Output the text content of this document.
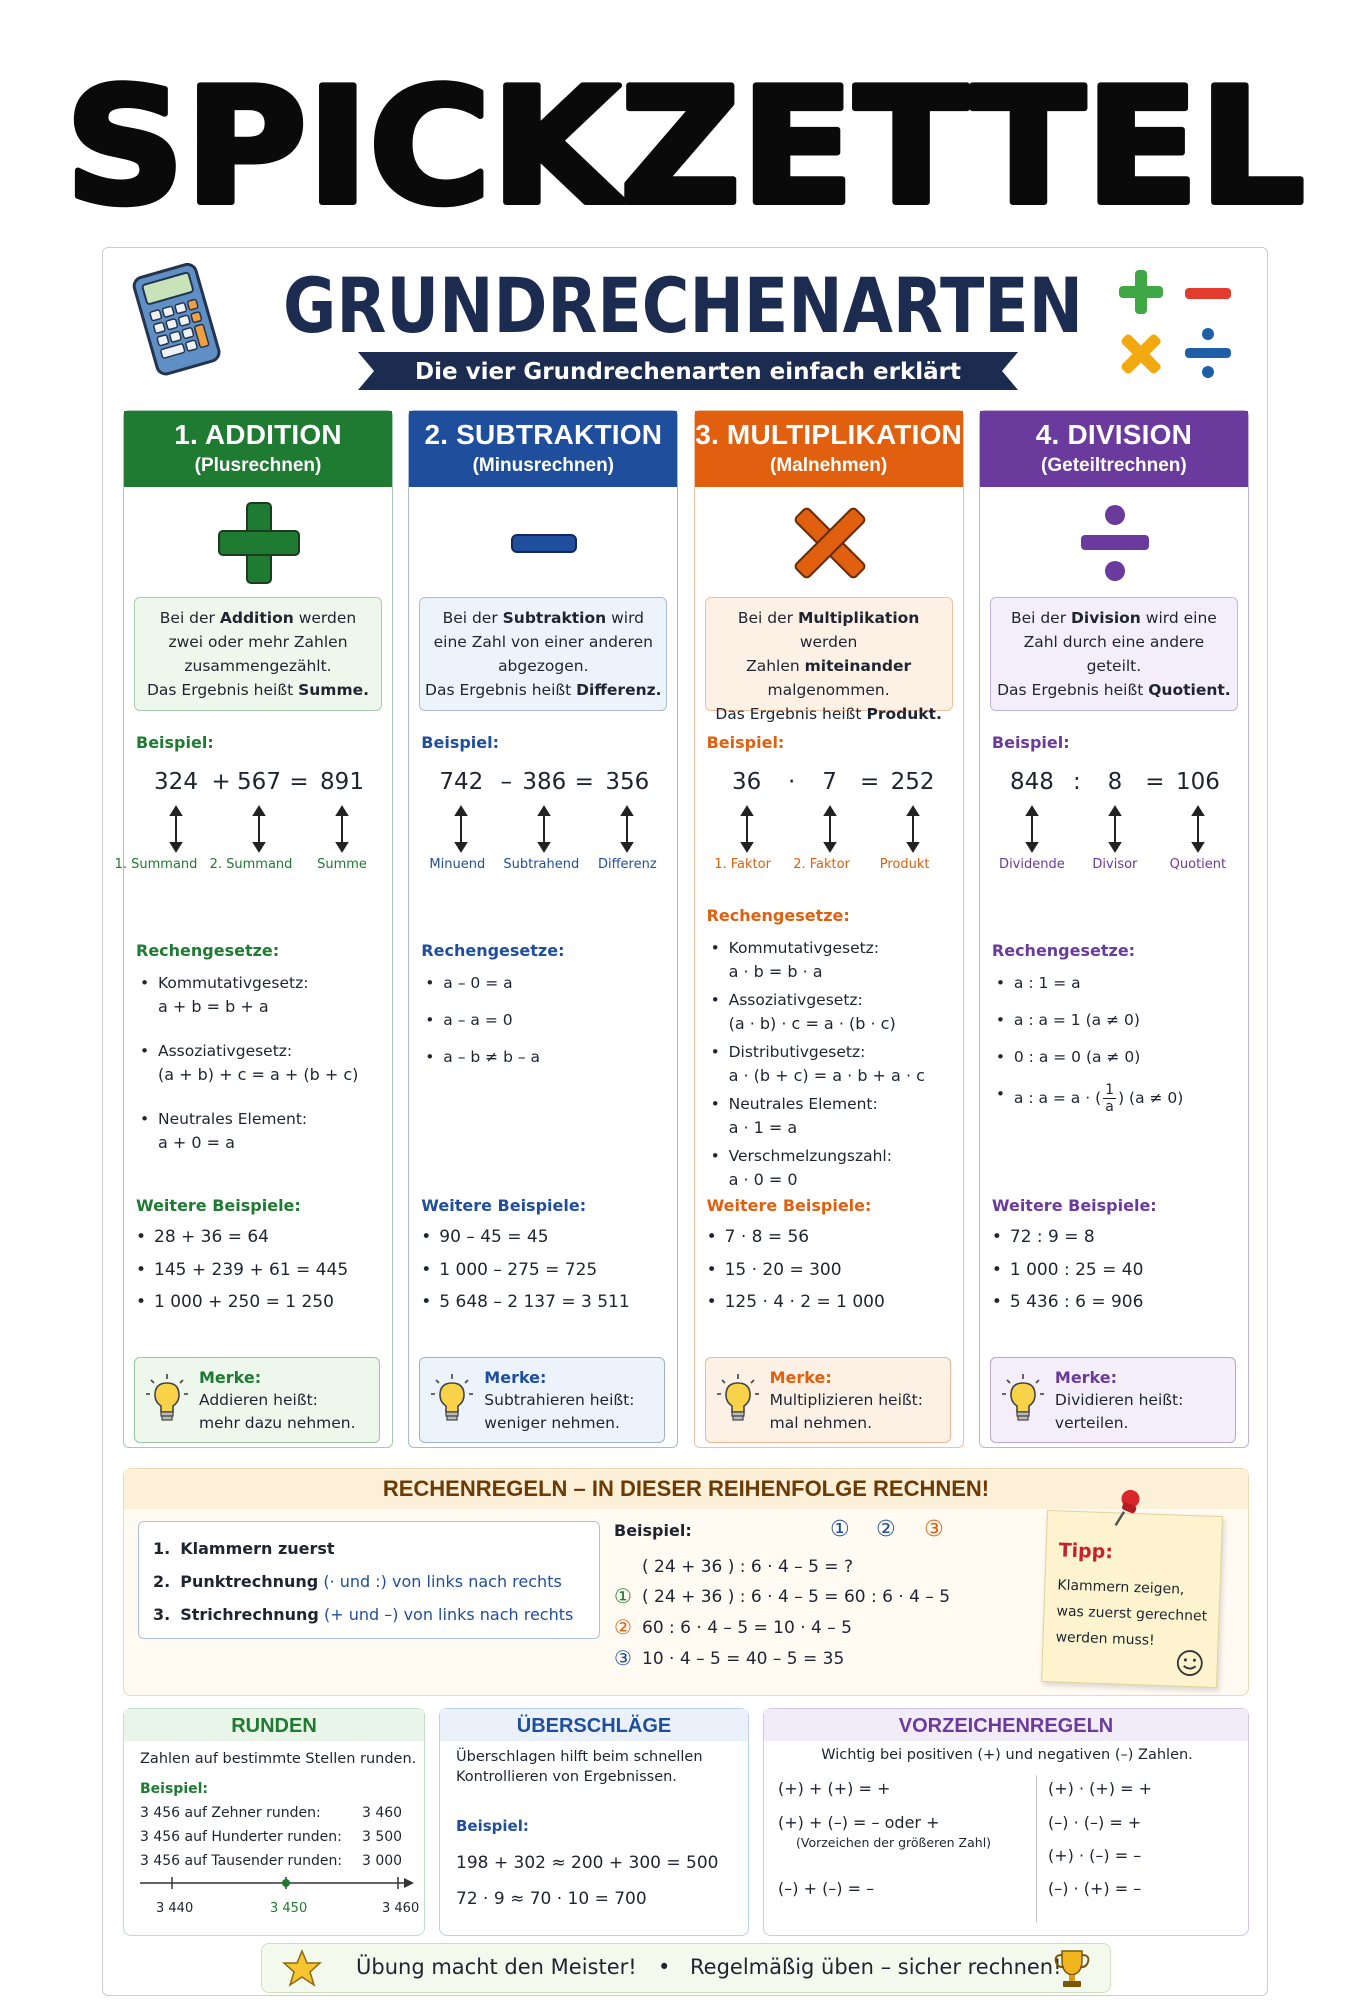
SPICKZETTEL
GRUNDRECHENARTEN
Die vier Grundrechenarten einfach erklärt
1. ADDITION
(Plusrechnen)
Bei der Addition werden
zwei oder mehr Zahlen
zusammengezählt.
Das Ergebnis heißt Summe.
Beispiel:
324 + 567 = 891
1. Summand 2. Summand Summe
Rechengesetze:
• Kommutativgesetz:
a + b = b + a
• Assoziativgesetz:
(a + b) + c = a + (b + c)
• Neutrales Element:
a + 0 = a
Weitere Beispiele:
• 28 + 36 = 64
• 145 + 239 + 61 = 445
• 1 000 + 250 = 1 250
Merke:
Addieren heißt:
mehr dazu nehmen.
2. SUBTRAKTION
(Minusrechnen)
Bei der Subtraktion wird
eine Zahl von einer anderen
abgezogen.
Das Ergebnis heißt Differenz.
Beispiel:
742 – 386 = 356
Minuend Subtrahend Differenz
Rechengesetze:
• a – 0 = a
• a – a = 0
• a – b ≠ b – a
Weitere Beispiele:
• 90 – 45 = 45
• 1 000 – 275 = 725
• 5 648 – 2 137 = 3 511
Merke:
Subtrahieren heißt:
weniger nehmen.
3. MULTIPLIKATION
(Malnehmen)
Bei der Multiplikation werden
Zahlen miteinander
malgenommen.
Das Ergebnis heißt Produkt.
Beispiel:
36 · 7 = 252
1. Faktor 2. Faktor Produkt
Rechengesetze:
• Kommutativgesetz:
a · b = b · a
• Assoziativgesetz:
(a · b) · c = a · (b · c)
• Distributivgesetz:
a · (b + c) = a · b + a · c
• Neutrales Element:
a · 1 = a
• Verschmelzungszahl:
a · 0 = 0
Weitere Beispiele:
• 7 · 8 = 56
• 15 · 20 = 300
• 125 · 4 · 2 = 1 000
Merke:
Multiplizieren heißt:
mal nehmen.
4. DIVISION
(Geteiltrechnen)
Bei der Division wird eine
Zahl durch eine andere
geteilt.
Das Ergebnis heißt Quotient.
Beispiel:
848 : 8 = 106
Dividende Divisor Quotient
Rechengesetze:
• a : 1 = a
• a : a = 1 (a ≠ 0)
• 0 : a = 0 (a ≠ 0)
• a : a = a · ( $\frac{1}{a}$ ) (a ≠ 0)
Weitere Beispiele:
• 72 : 9 = 8
• 1 000 : 25 = 40
• 5 436 : 6 = 906
Merke:
Dividieren heißt:
verteilen.
RECHENREGELN – IN DIESER REIHENFOLGE RECHNEN!
1. Klammern zuerst
2. Punktrechnung (· und :) von links nach rechts
3. Strichrechnung (+ und –) von links nach rechts
Beispiel:	① ② ③
( 24 + 36 ) : 6 · 4 – 5 = ?
① ( 24 + 36 ) : 6 · 4 – 5 = 60 : 6 · 4 – 5
② 60 : 6 · 4 – 5 = 10 · 4 – 5
③ 10 · 4 – 5 = 40 – 5 = 35
Tipp:
Klammern zeigen,
was zuerst gerechnet
werden muss!
RUNDEN
Zahlen auf bestimmte Stellen runden.
Beispiel:
3 456 auf Zehner runden:	3 460
3 456 auf Hunderter runden: 3 500
3 456 auf Tausender runden: 3 000
3 440	3 450	3 460
ÜBERSCHLÄGE
Überschlagen hilft beim schnellen
Kontrollieren von Ergebnissen.
Beispiel:
198 + 302 ≈ 200 + 300 = 500
72 · 9 ≈ 70 · 10 = 700
VORZEICHENREGELN
Wichtig bei positiven (+) und negativen (–) Zahlen.
(+) + (+) = +
(+) + (–) = – oder +
(Vorzeichen der größeren Zahl)
(–) + (–) = –
(+) · (+) = +
(–) · (–) = +
(+) · (–) = –
(–) · (+) = –
Übung macht den Meister! • Regelmäßig üben – sicher rechnen!
